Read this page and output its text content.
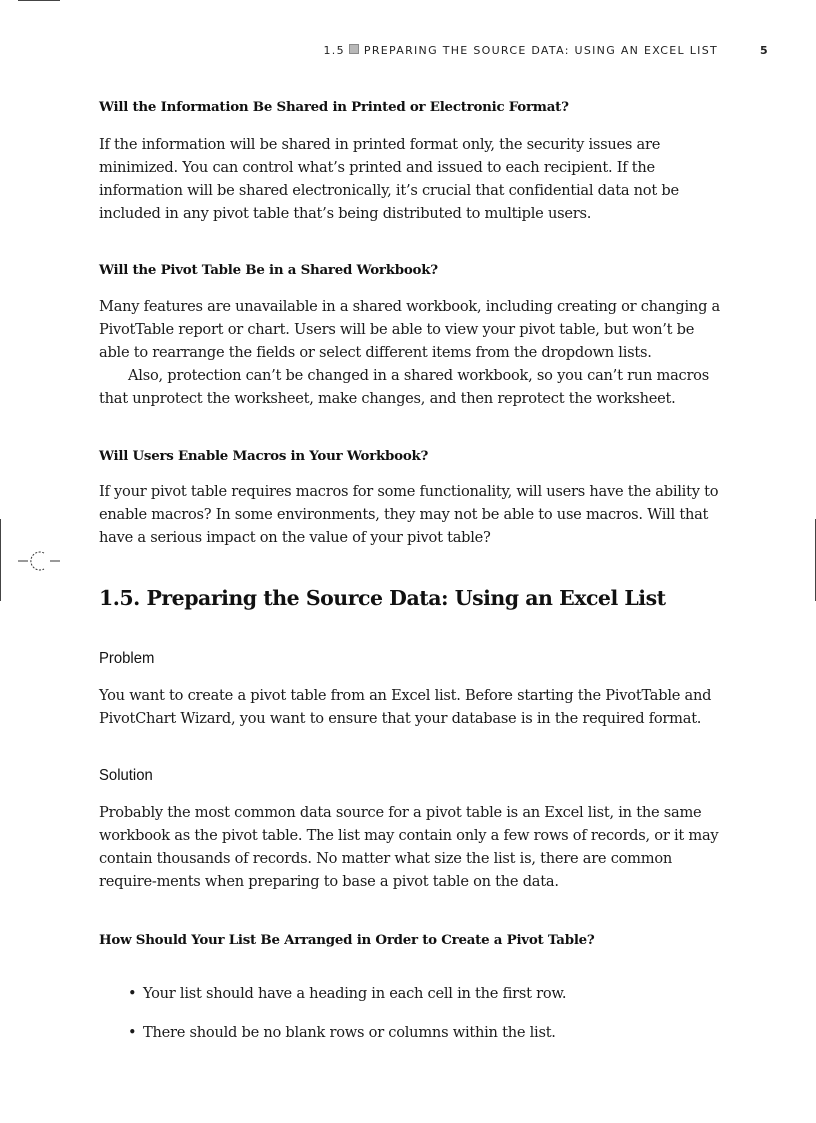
1.5 PREPARING THE SOURCE DATA: USING AN EXCEL LIST	5
Will the Information Be Shared in Printed or Electronic Format?
If the information will be shared in printed format only, the security issues are minimized. You can control what’s printed and issued to each recipient. If the information will be shared electronically, it’s crucial that confidential data not be included in any pivot table that’s being distributed to multiple users.
Will the Pivot Table Be in a Shared Workbook?
Many features are unavailable in a shared workbook, including creating or changing a PivotTable report or chart. Users will be able to view your pivot table, but won’t be able to rearrange the fields or select different items from the dropdown lists.
Also, protection can’t be changed in a shared workbook, so you can’t run macros that unprotect the worksheet, make changes, and then reprotect the worksheet.
Will Users Enable Macros in Your Workbook?
If your pivot table requires macros for some functionality, will users have the ability to enable macros? In some environments, they may not be able to use macros. Will that have a serious impact on the value of your pivot table?
1.5. Preparing the Source Data: Using an Excel List
Problem
You want to create a pivot table from an Excel list. Before starting the PivotTable and PivotChart Wizard, you want to ensure that your database is in the required format.
Solution
Probably the most common data source for a pivot table is an Excel list, in the same workbook as the pivot table. The list may contain only a few rows of records, or it may contain thousands of records. No matter what size the list is, there are common require-ments when preparing to base a pivot table on the data.
How Should Your List Be Arranged in Order to Create a Pivot Table?
• Your list should have a heading in each cell in the first row.
• There should be no blank rows or columns within the list.
